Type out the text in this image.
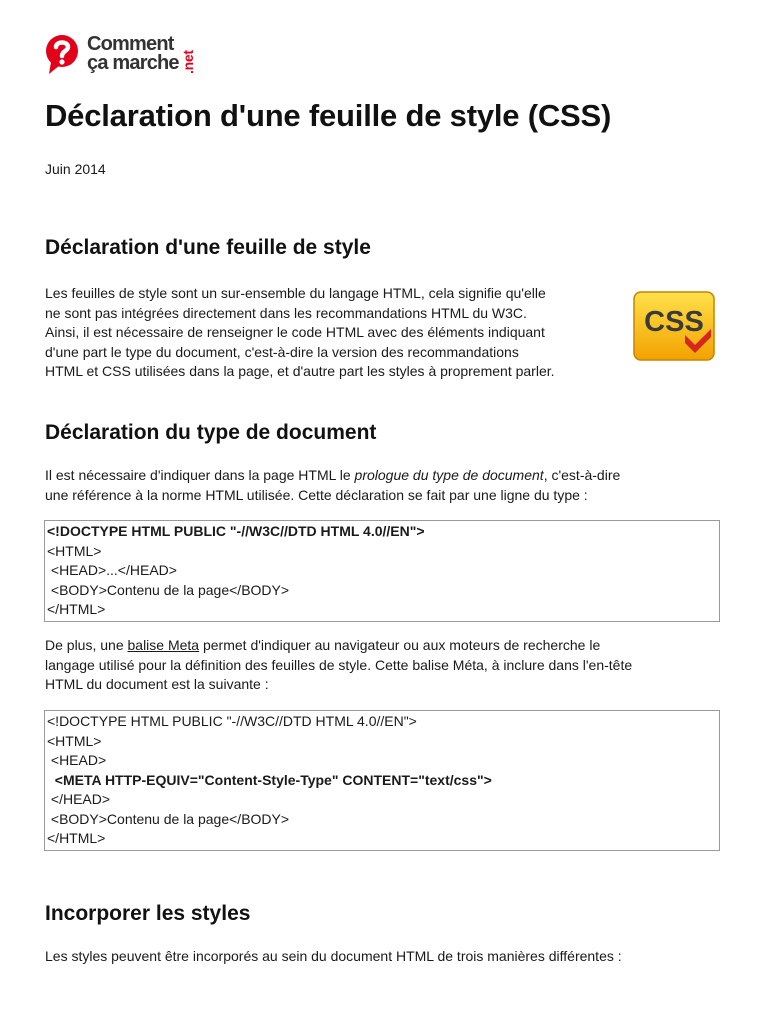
Comment
ça marche .net
Déclaration d'une feuille de style (CSS)
Juin 2014
Déclaration d'une feuille de style
Les feuilles de style sont un sur-ensemble du langage HTML, cela signifie qu'elle
ne sont pas intégrées directement dans les recommandations HTML du W3C.
Ainsi, il est nécessaire de renseigner le code HTML avec des éléments indiquant
d'une part le type du document, c'est-à-dire la version des recommandations
HTML et CSS utilisées dans la page, et d'autre part les styles à proprement parler.
CSS
Déclaration du type de document
Il est nécessaire d'indiquer dans la page HTML le prologue du type de document, c'est-à-dire
une référence à la norme HTML utilisée. Cette déclaration se fait par une ligne du type :
<!DOCTYPE HTML PUBLIC "-//W3C//DTD HTML 4.0//EN">
<HTML>
<HEAD>...</HEAD>
<BODY>Contenu de la page</BODY>
</HTML>
De plus, une balise Meta permet d'indiquer au navigateur ou aux moteurs de recherche le
langage utilisé pour la définition des feuilles de style. Cette balise Méta, à inclure dans l'en-tête
HTML du document est la suivante :
<!DOCTYPE HTML PUBLIC "-//W3C//DTD HTML 4.0//EN">
<HTML>
<HEAD>
<META HTTP-EQUIV="Content-Style-Type" CONTENT="text/css">
</HEAD>
<BODY>Contenu de la page</BODY>
</HTML>
Incorporer les styles
Les styles peuvent être incorporés au sein du document HTML de trois manières différentes :
